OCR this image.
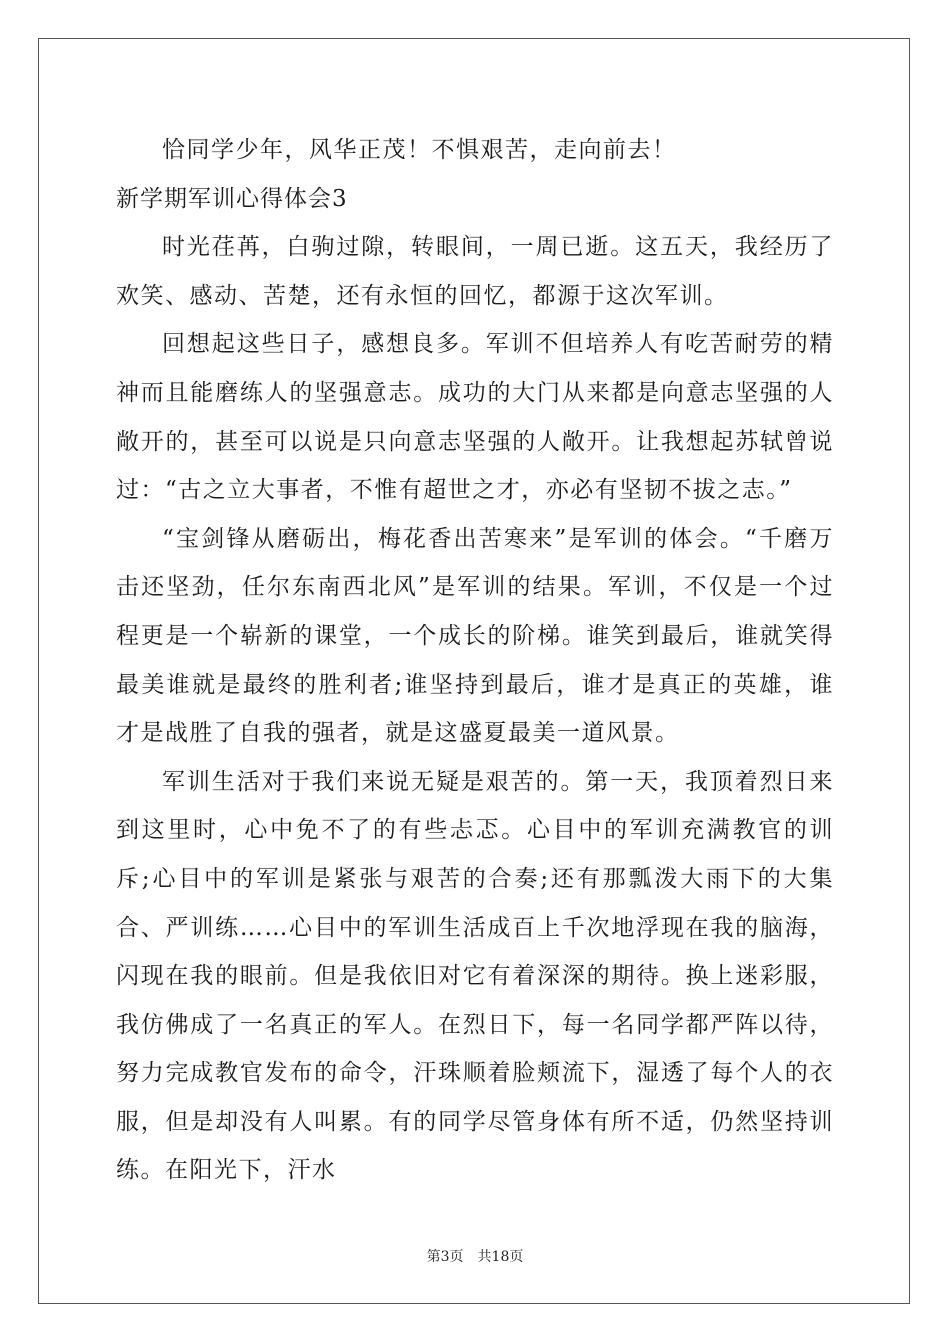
恰同学少年，风华正茂！不惧艰苦，走向前去！

新学期军训心得体会3

时光荏苒，白驹过隙，转眼间，一周已逝。这五天，我经历了欢笑、感动、苦楚，还有永恒的回忆，都源于这次军训。

回想起这些日子，感想良多。军训不但培养人有吃苦耐劳的精神而且能磨练人的坚强意志。成功的大门从来都是向意志坚强的人敞开的，甚至可以说是只向意志坚强的人敞开。让我想起苏轼曾说过：“古之立大事者，不惟有超世之才，亦必有坚韧不拔之志。”

“宝剑锋从磨砺出，梅花香出苦寒来”是军训的体会。“千磨万击还坚劲，任尔东南西北风”是军训的结果。军训，不仅是一个过程更是一个崭新的课堂，一个成长的阶梯。谁笑到最后，谁就笑得最美谁就是最终的胜利者;谁坚持到最后，谁才是真正的英雄，谁才是战胜了自我的强者，就是这盛夏最美一道风景。

军训生活对于我们来说无疑是艰苦的。第一天，我顶着烈日来到这里时，心中免不了的有些忐忑。心目中的军训充满教官的训斥;心目中的军训是紧张与艰苦的合奏;还有那瓢泼大雨下的大集合、严训练……心目中的军训生活成百上千次地浮现在我的脑海，闪现在我的眼前。但是我依旧对它有着深深的期待。换上迷彩服，我仿佛成了一名真正的军人。在烈日下，每一名同学都严阵以待，努力完成教官发布的命令，汗珠顺着脸颊流下，湿透了每个人的衣服，但是却没有人叫累。有的同学尽管身体有所不适，仍然坚持训练。在阳光下，汗水

第3页 共18页
